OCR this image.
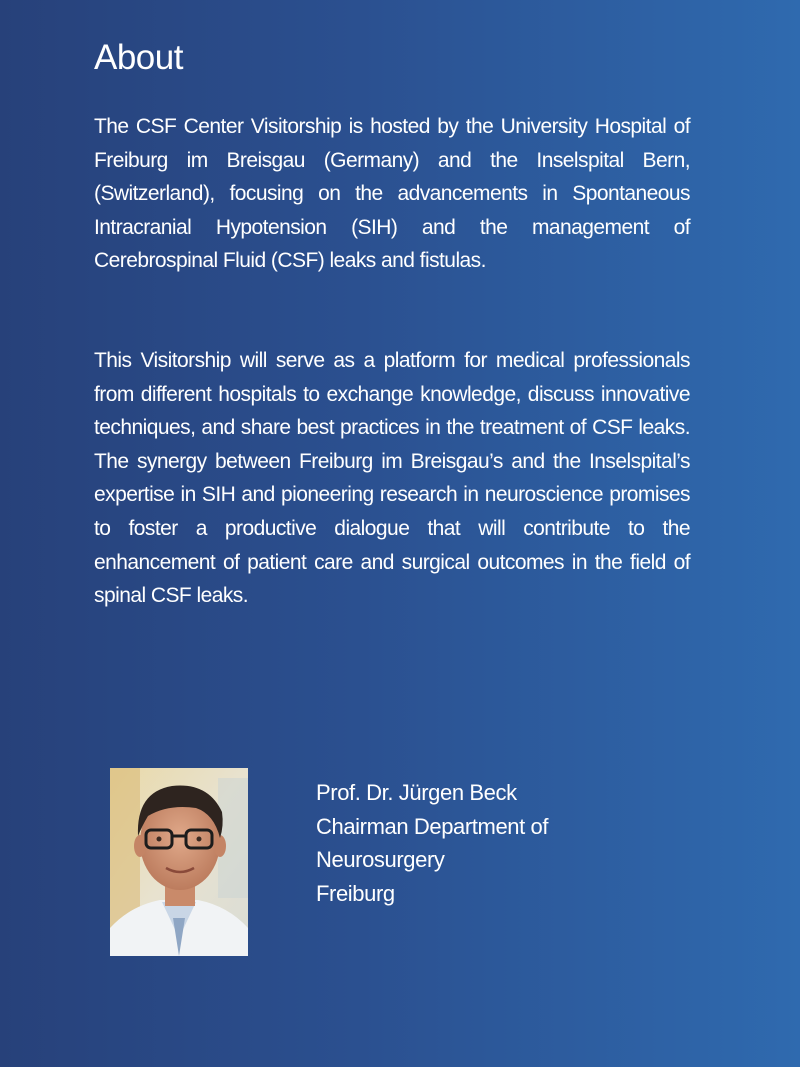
About

The CSF Center Visitorship is hosted by the University Hospital of Freiburg im Breisgau (Germany) and the Inselspital Bern, (Switzerland), focusing on the advancements in Spontaneous Intracranial Hypotension (SIH) and the management of Cerebrospinal Fluid (CSF) leaks and fistulas.

This Visitorship will serve as a platform for medical professionals from different hospitals to exchange knowledge, discuss innovative techniques, and share best practices in the treatment of CSF leaks. The synergy between Freiburg im Breisgau’s and the Inselspital’s expertise in SIH and pioneering research in neuroscience promises to foster a productive dialogue that will contribute to the enhancement of patient care and surgical outcomes in the field of spinal CSF leaks.

Prof. Dr. Jürgen Beck
Chairman Department of
Neurosurgery
Freiburg
